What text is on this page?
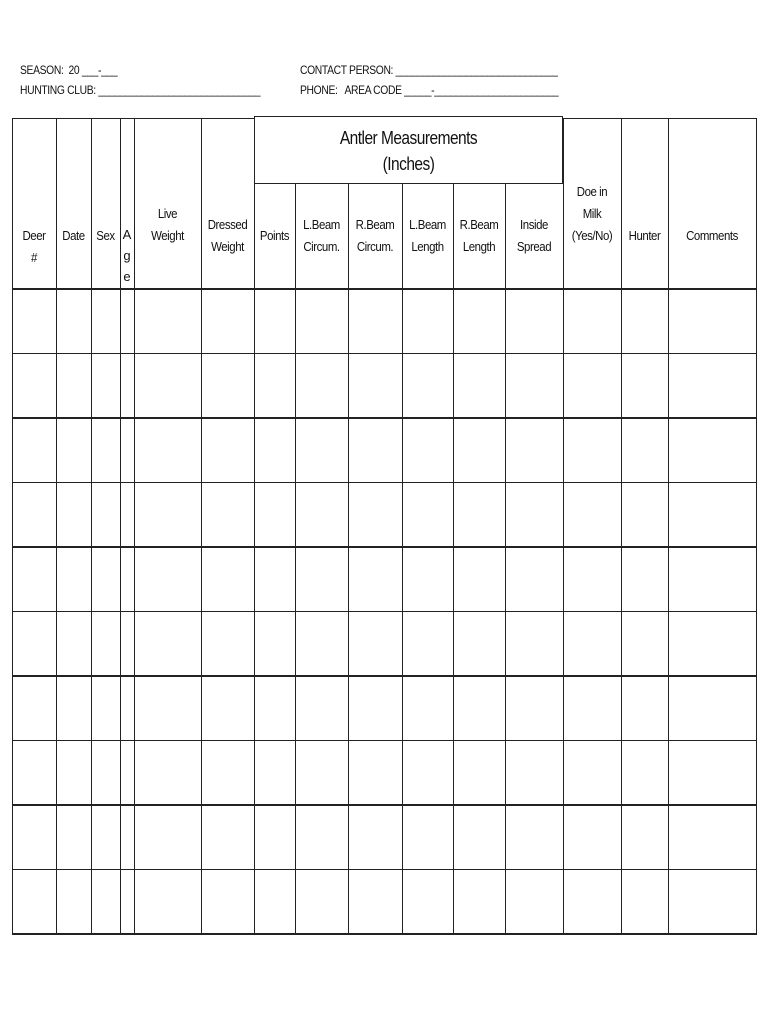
SEASON:  20 ___-___
HUNTING CLUB: ______________________________
CONTACT PERSON: ______________________________
PHONE:   AREA CODE _____-_______________________
Deer
#
Date Sex
Live
Weight
Dressed
Weight
Points
L.Beam
Circum.
R.Beam
Circum.
L.Beam
Length
R.Beam
Length
Inside
Spread
Doe in
Milk
(Yes/No)	Hunter	Comments
A
g
e
Antler Measurements
(Inches)
